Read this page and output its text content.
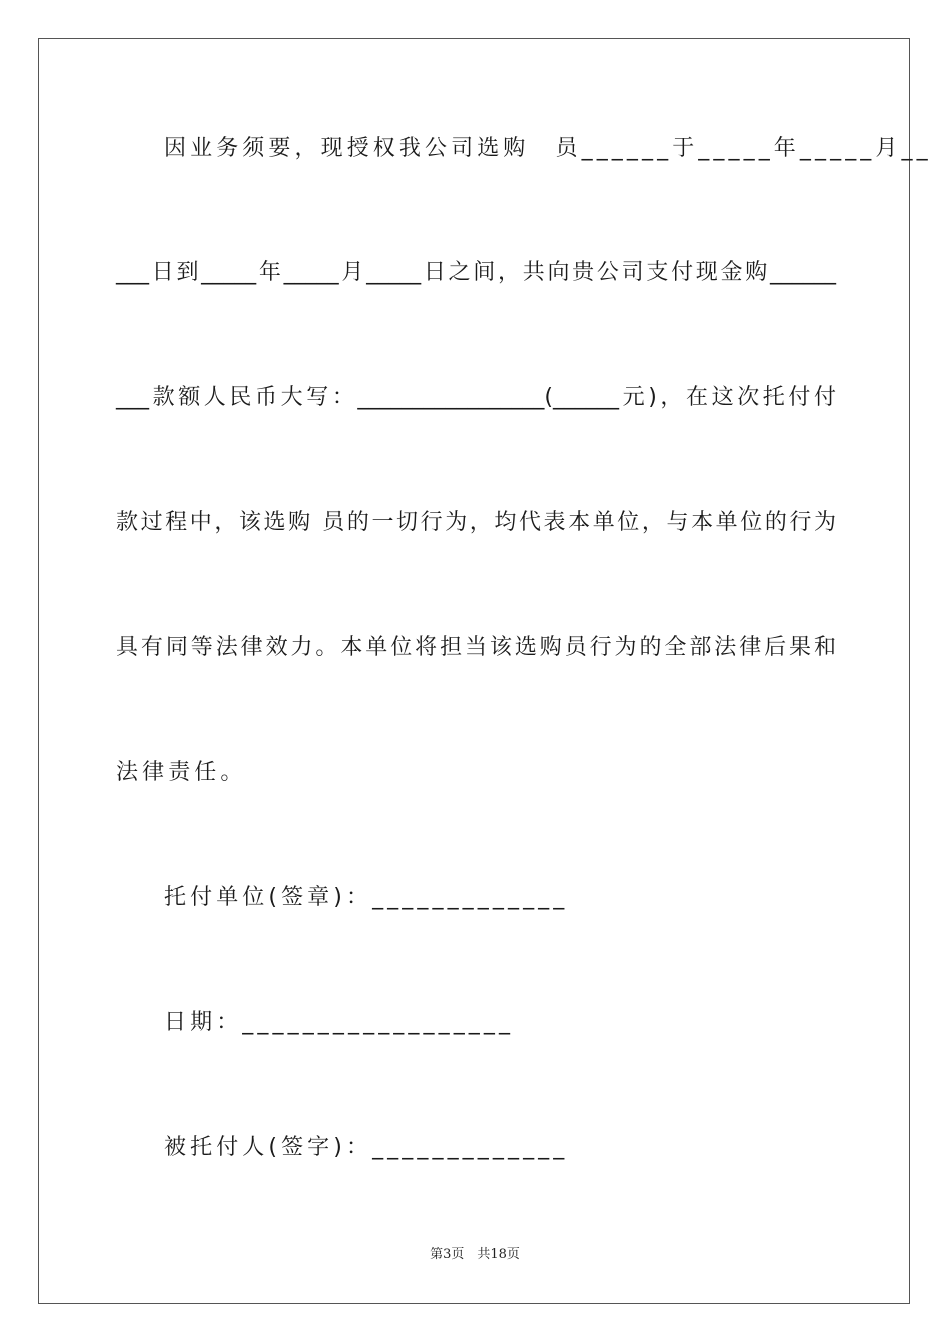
因业务须要，现授权我公司选购　员______于_____年_____月__
___日到_____年_____月_____日之间，共向贵公司支付现金购______
___款额人民币大写：_________________(______元)，在这次托付付
款过程中，该选购 员的一切行为，均代表本单位，与本单位的行为
具有同等法律效力。本单位将担当该选购员行为的全部法律后果和
法律责任。
托付单位(签章)：_____________
日期：__________________
被托付人(签字)：_____________
第3页　共18页
